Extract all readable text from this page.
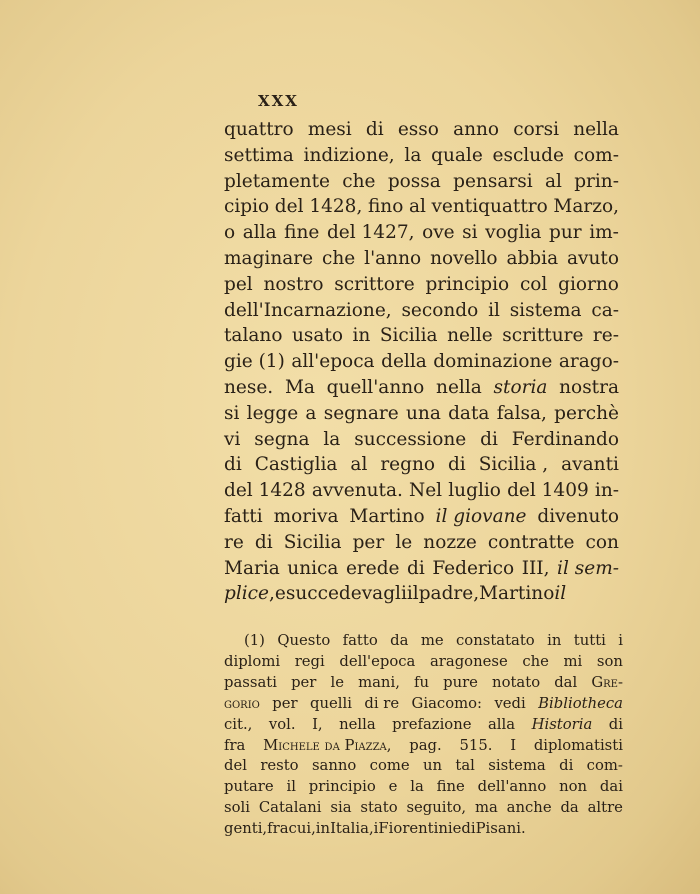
XXX
quattro mesi di esso anno corsi nella
settima indizione, la quale esclude com-
pletamente che possa pensarsi al prin-
cipio del 1428, fino al ventiquattro Marzo,
o alla fine del 1427, ove si voglia pur im-
maginare che l'anno novello abbia avuto
pel nostro scrittore principio col giorno
dell'Incarnazione, secondo il sistema ca-
talano usato in Sicilia nelle scritture re-
gie (1) all'epoca della dominazione arago-
nese. Ma quell'anno nella storia nostra
si legge a segnare una data falsa, perchè
vi segna la successione di Ferdinando
di Castiglia al regno di Sicilia , avanti
del 1428 avvenuta. Nel luglio del 1409 in-
fatti moriva Martino il giovane divenuto
re di Sicilia per le nozze contratte con
Maria unica erede di Federico III, il sem-
plice, e succedevagli il padre, Martino il
(1) Questo fatto da me constatato in tutti i
diplomi regi dell'epoca aragonese che mi son
passati per le mani, fu pure notato dal Gre-
gorio per quelli di re Giacomo: vedi Bibliotheca
cit., vol. I, nella prefazione alla Historia di
fra Michele da Piazza, pag. 515. I diplomatisti
del resto sanno come un tal sistema di com-
putare il principio e la fine dell'anno non dai
soli Catalani sia stato seguito, ma anche da altre
genti, fra cui, in Italia, i Fiorentini ed i Pisani.
